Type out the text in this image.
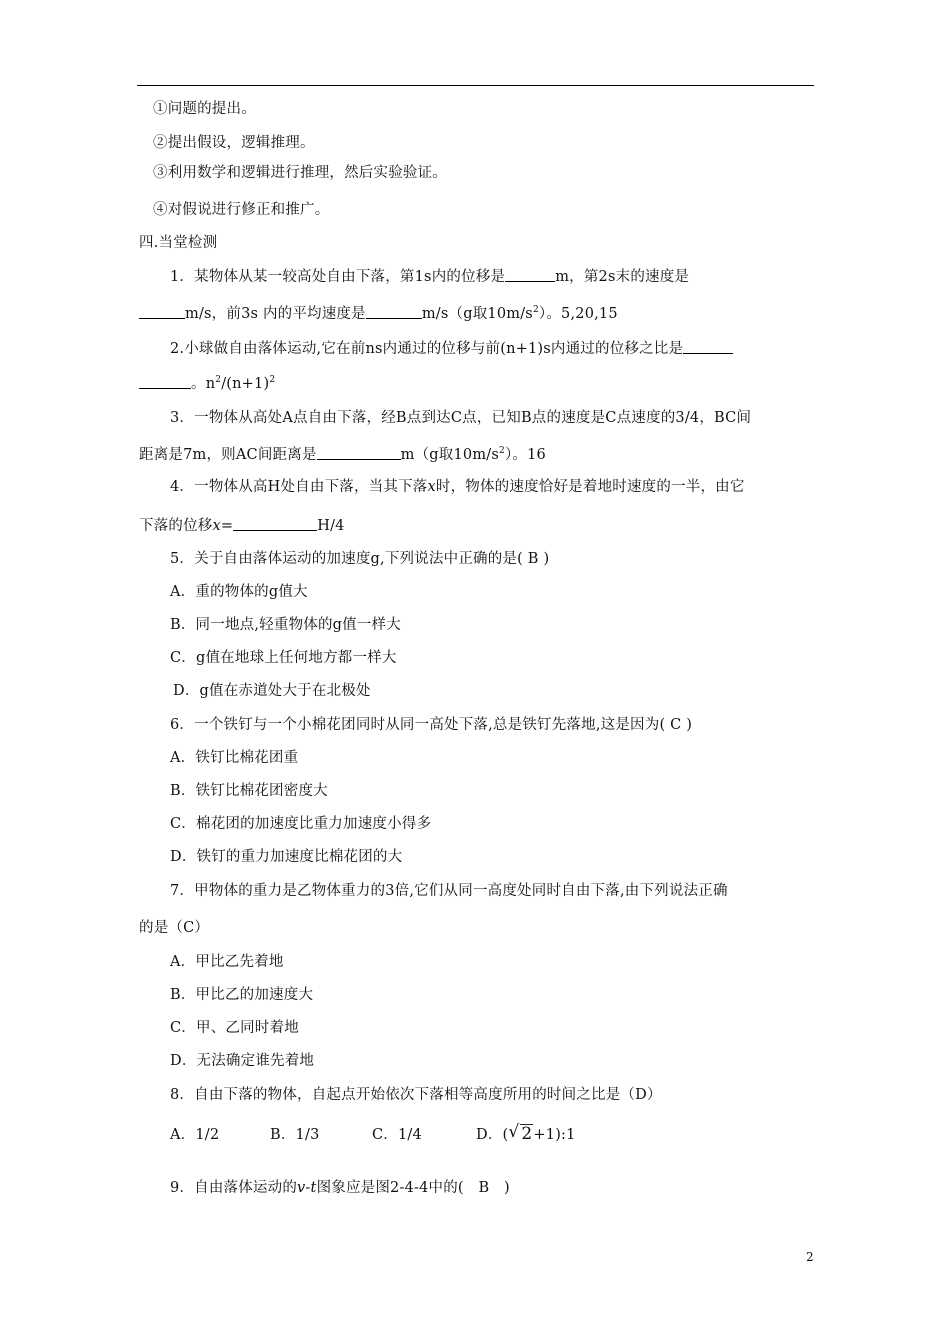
①问题的提出。
②提出假设，逻辑推理。
③利用数学和逻辑进行推理，然后实验验证。
④对假说进行修正和推广。
四.当堂检测
1．某物体从某一较高处自由下落，第1s内的位移是	m，第2s末的速度是
m/s，前3s 内的平均速度是	m/s（g取$10m/s^2$）。5,20,15
2.小球做自由落体运动,它在前ns内通过的位移与前(n+1)s内通过的位移之比是
。$n^2/(n+1)^2$
3．一物体从高处A点自由下落，经B点到达C点，已知B点的速度是C点速度的3/4，BC间
距离是7m，则AC间距离是	m（g取$10m/s^2$）。16
4．一物体从高H处自由下落，当其下落x时，物体的速度恰好是着地时速度的一半，由它
下落的位移x=	H/4
5．关于自由落体运动的加速度g,下列说法中正确的是( B )
A．重的物体的g值大
B．同一地点,轻重物体的g值一样大
C．g值在地球上任何地方都一样大
D．g值在赤道处大于在北极处
6．一个铁钉与一个小棉花团同时从同一高处下落,总是铁钉先落地,这是因为( C )
A．铁钉比棉花团重
B．铁钉比棉花团密度大
C．棉花团的加速度比重力加速度小得多
D．铁钉的重力加速度比棉花团的大
7．甲物体的重力是乙物体重力的3倍,它们从同一高度处同时自由下落,由下列说法正确
的是（C）
A．甲比乙先着地
B．甲比乙的加速度大
C．甲、乙同时着地
D．无法确定谁先着地
8．自由下落的物体，自起点开始依次下落相等高度所用的时间之比是（D）
A．1/2	B．1/3	C．1/4	D．(√ 2+1):1
9．自由落体运动的v-t图象应是图2-4-4中的(　B　)
2
